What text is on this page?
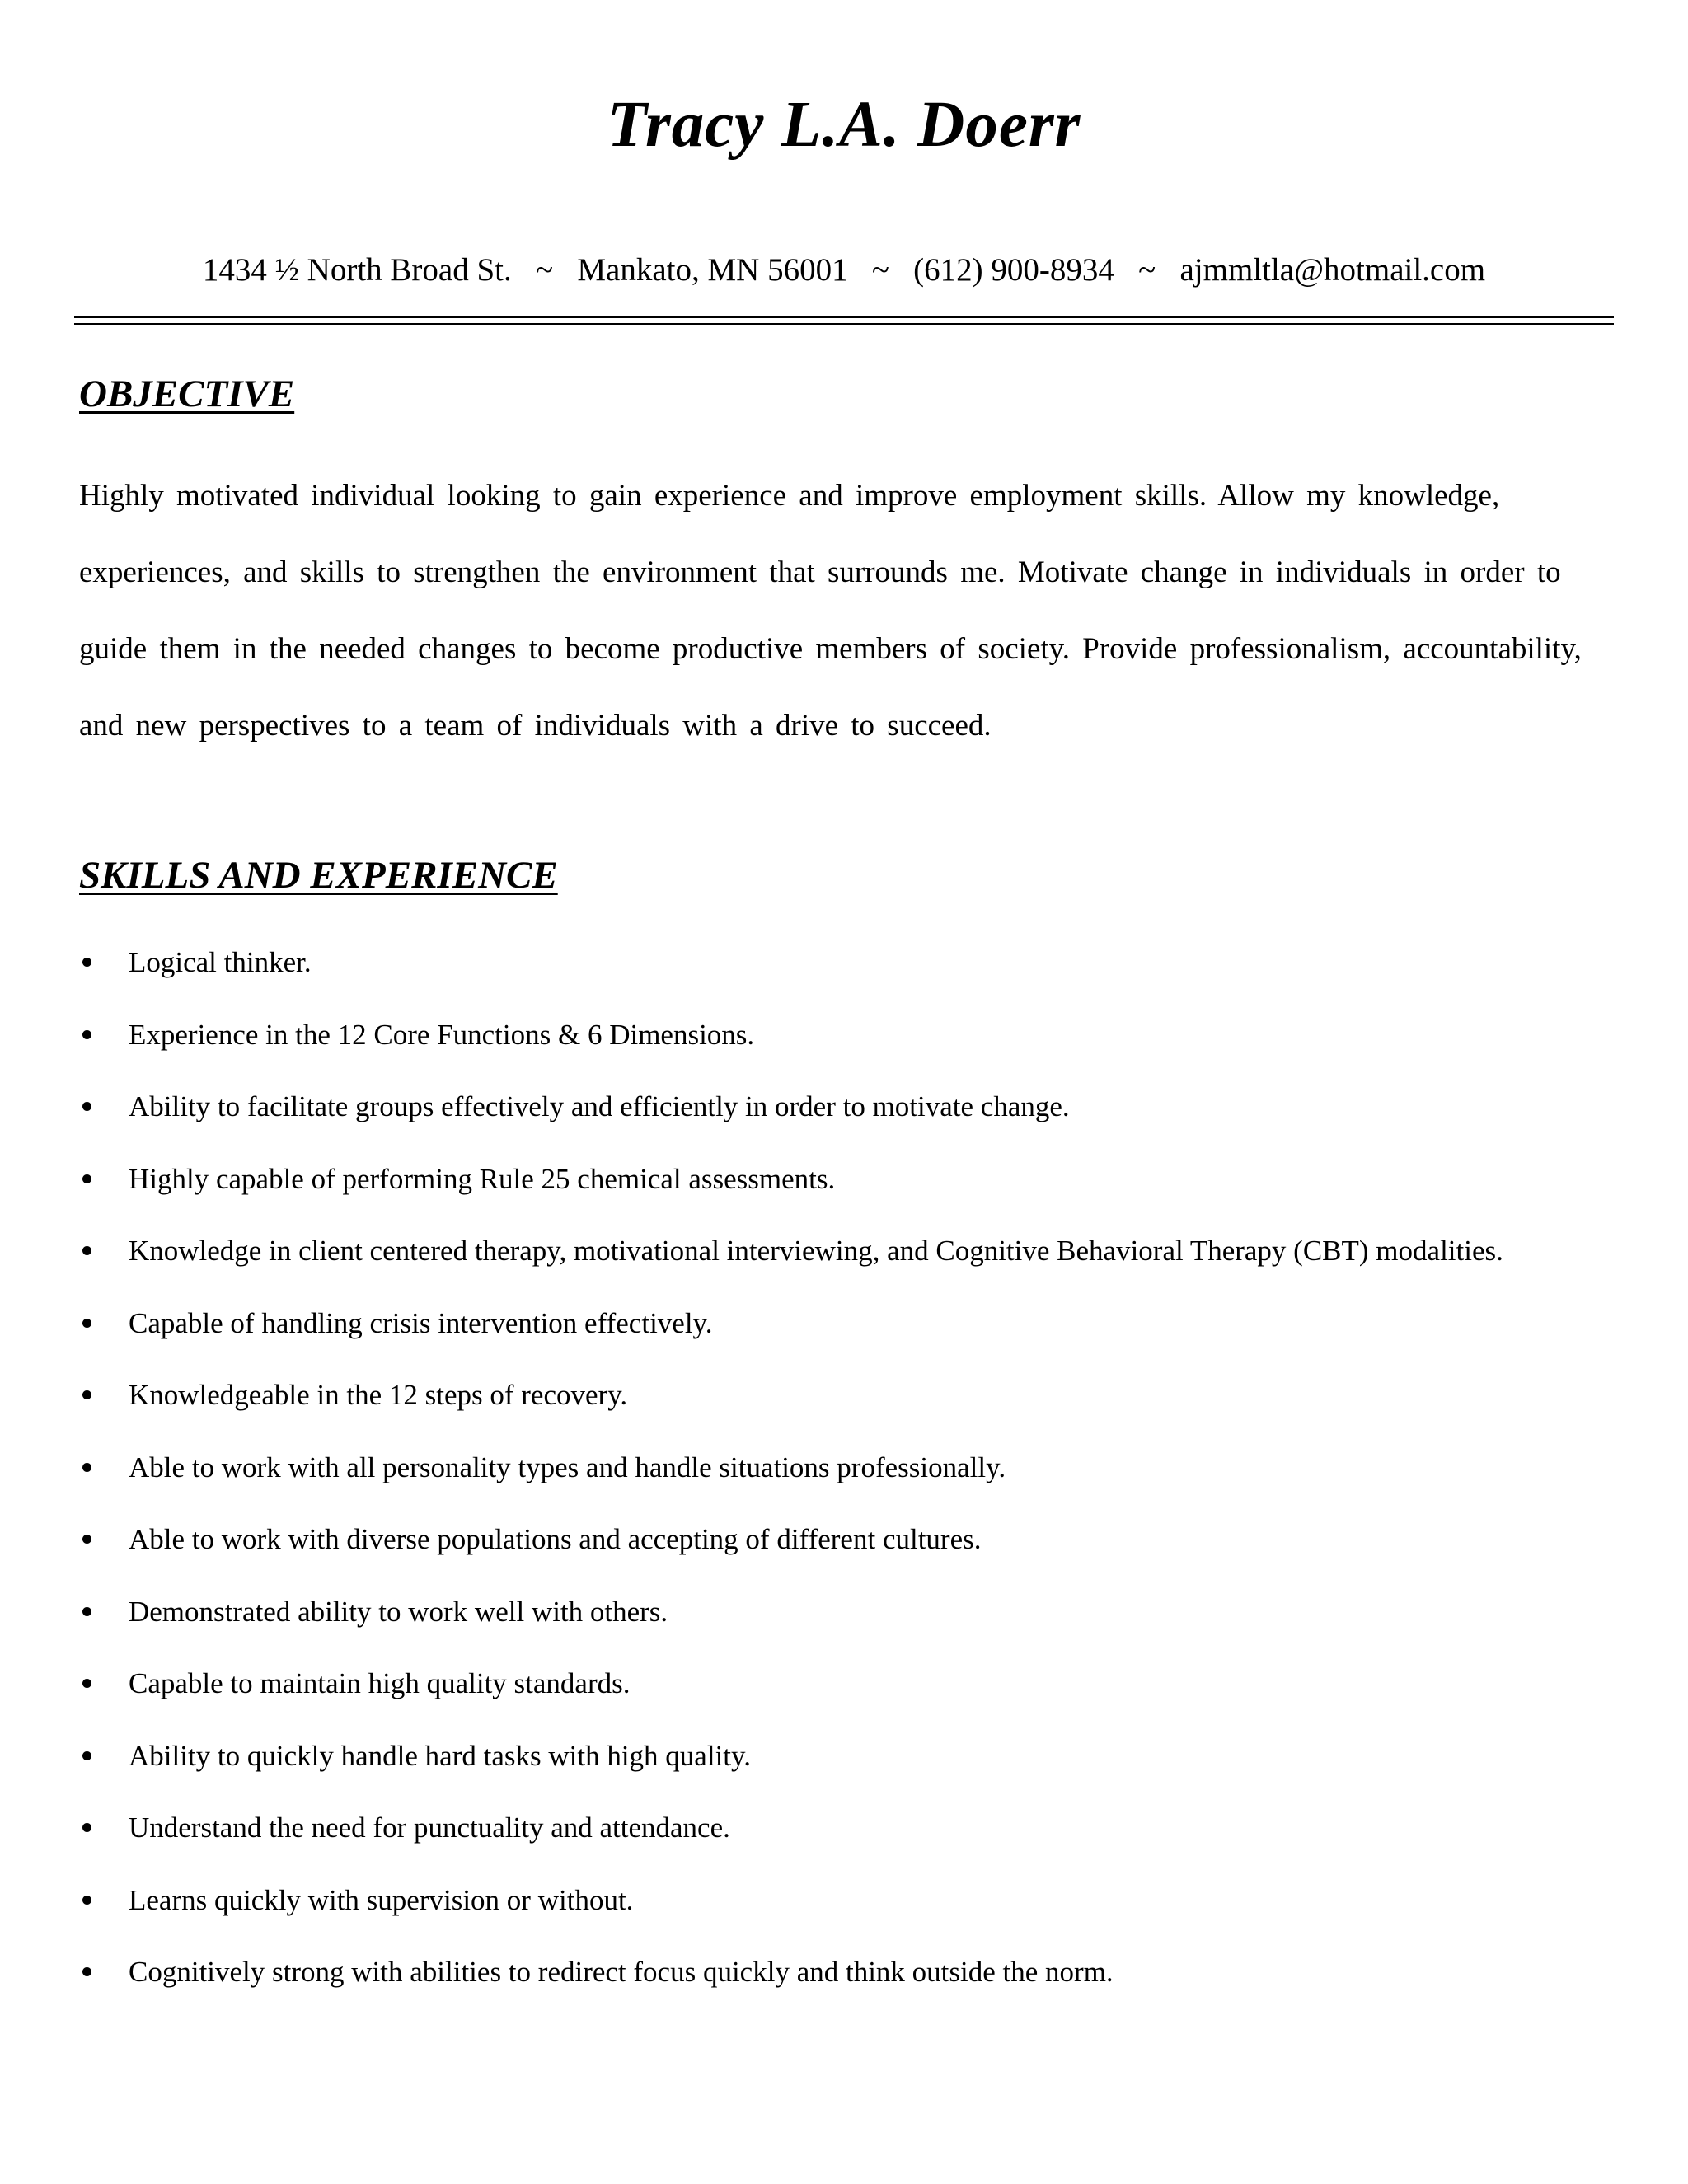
Tracy L.A. Doerr
1434 ½ North Broad St.   ~   Mankato, MN 56001   ~   (612) 900-8934   ~   ajmmltla@hotmail.com
OBJECTIVE

Highly motivated individual looking to gain experience and improve employment skills. Allow my knowledge, experiences, and skills to strengthen the environment that surrounds me. Motivate change in individuals in order to guide them in the needed changes to become productive members of society. Provide professionalism, accountability, and new perspectives to a team of individuals with a drive to succeed.

SKILLS AND EXPERIENCE
Logical thinker.
Experience in the 12 Core Functions & 6 Dimensions.
Ability to facilitate groups effectively and efficiently in order to motivate change.
Highly capable of performing Rule 25 chemical assessments.
Knowledge in client centered therapy, motivational interviewing, and Cognitive Behavioral Therapy (CBT) modalities.
Capable of handling crisis intervention effectively.
Knowledgeable in the 12 steps of recovery.
Able to work with all personality types and handle situations professionally.
Able to work with diverse populations and accepting of different cultures.
Demonstrated ability to work well with others.
Capable to maintain high quality standards.
Ability to quickly handle hard tasks with high quality.
Understand the need for punctuality and attendance.
Learns quickly with supervision or without.
Cognitively strong with abilities to redirect focus quickly and think outside the norm.
